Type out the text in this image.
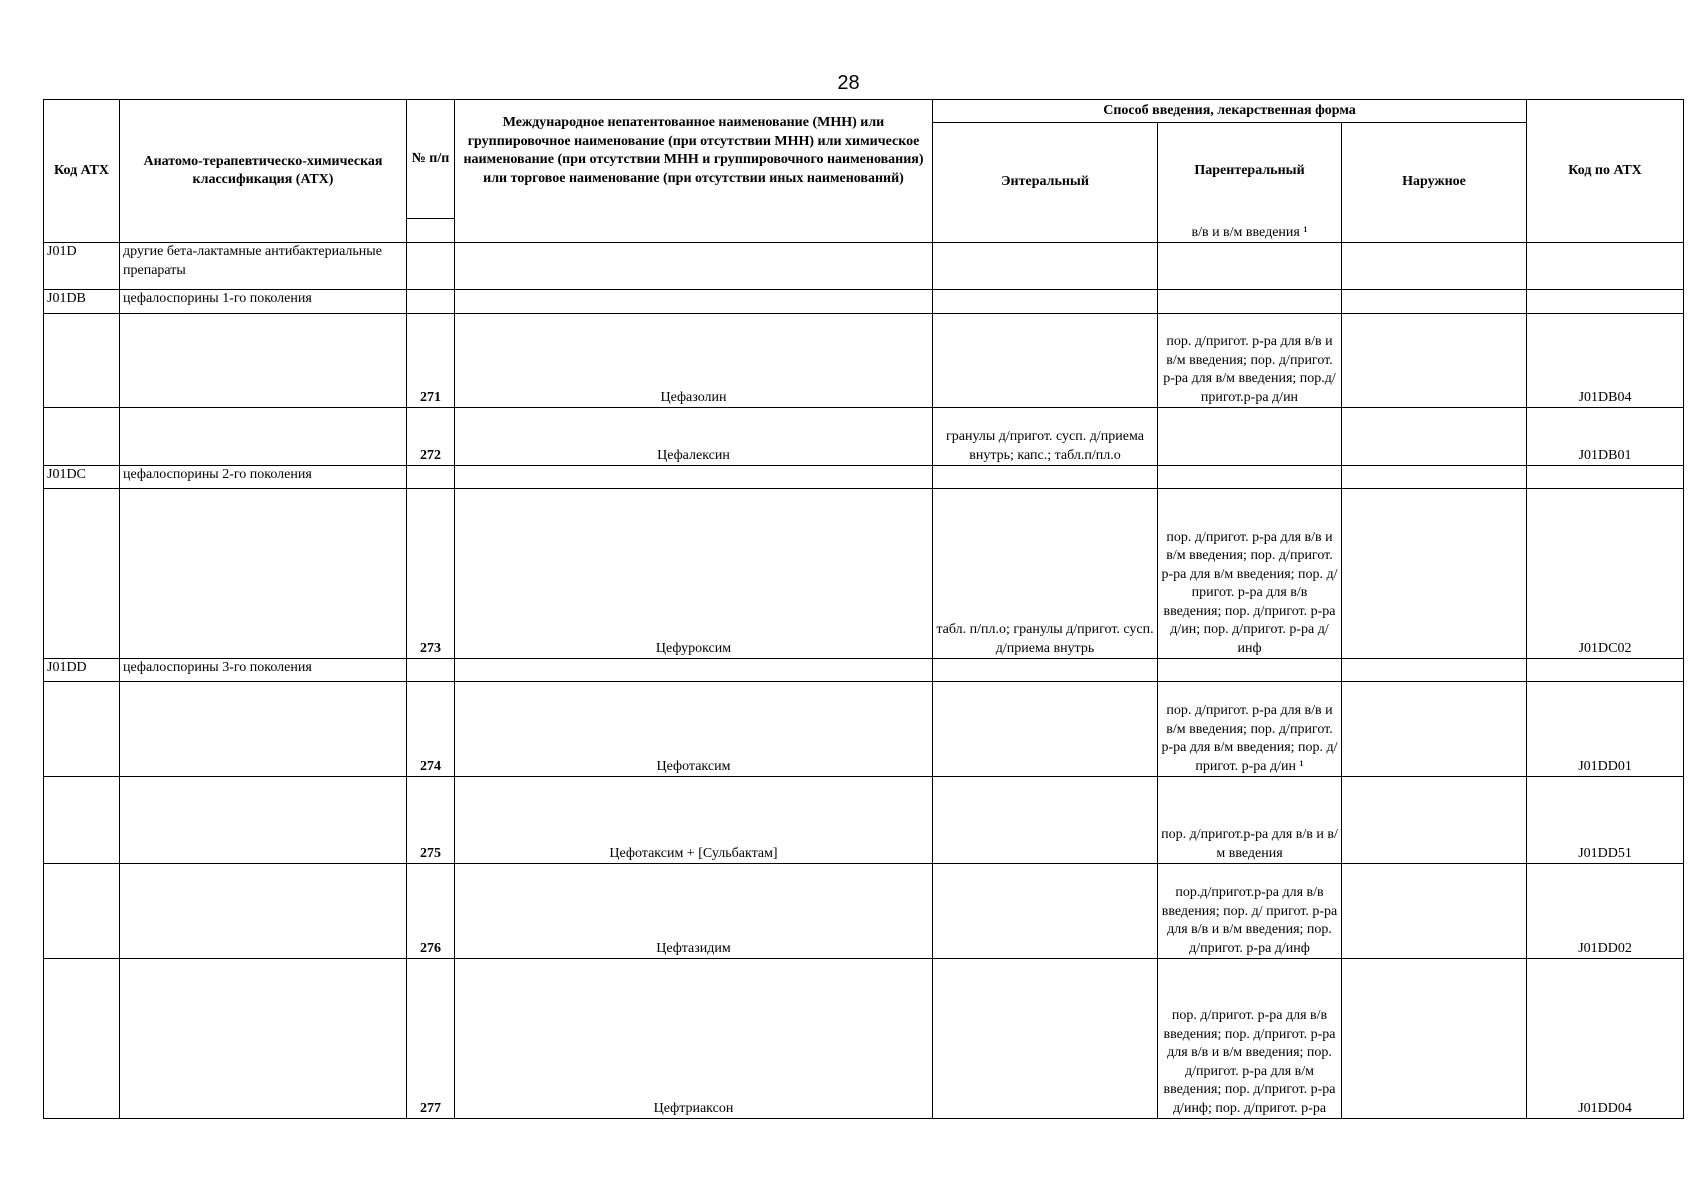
28
Код АТХ	Анатомо-терапевтическо-химическая классификация (АТХ)	№ п/п	Международное непатентованное наименование (МНН) или группировочное наименование (при отсутствии МНН) или химическое наименование (при отсутствии МНН и группировочного наименования) или торговое наименование (при отсутствии иных наименований)	Способ введения, лекарственная форма			Код по АТХ
				Энтеральный	Парентеральный	Наружное	
					в/в и в/м введения ¹		
J01D	другие бета-лактамные антибактериальные препараты						
J01DB	цефалоспорины 1-го поколения						
		271	Цефазолин		пор. д/пригот. р-ра для в/в и в/м введения; пор. д/пригот. р-ра для в/м введения; пор.д/пригот.р-ра д/ин		J01DB04
		272	Цефалексин	гранулы д/пригот. сусп. д/приема внутрь; капс.; табл.п/пл.о			J01DB01
J01DC	цефалоспорины 2-го поколения						
		273	Цефуроксим	табл. п/пл.о; гранулы д/пригот. сусп. д/приема внутрь	пор. д/пригот. р-ра для в/в и в/м введения; пор. д/пригот. р-ра для в/м введения; пор. д/пригот. р-ра для в/в введения; пор. д/пригот. р-ра д/ин; пор. д/пригот. р-ра д/инф		J01DC02
J01DD	цефалоспорины 3-го поколения						
		274	Цефотаксим		пор. д/пригот. р-ра для в/в и в/м введения; пор. д/пригот. р-ра для в/м введения; пор. д/пригот. р-ра д/ин ¹		J01DD01
		275	Цефотаксим + [Сульбактам]		пор. д/пригот.р-ра для в/в и в/м введения		J01DD51
		276	Цефтазидим		пор.д/пригот.р-ра для в/в введения; пор. д/ пригот. р-ра для в/в и в/м введения; пор. д/пригот. р-ра д/инф		J01DD02
		277	Цефтриаксон		пор. д/пригот. р-ра для в/в введения; пор. д/пригот. р-ра для в/в и в/м введения; пор. д/пригот. р-ра для в/м введения; пор. д/пригот. р-ра д/инф; пор. д/пригот. р-ра		J01DD04
